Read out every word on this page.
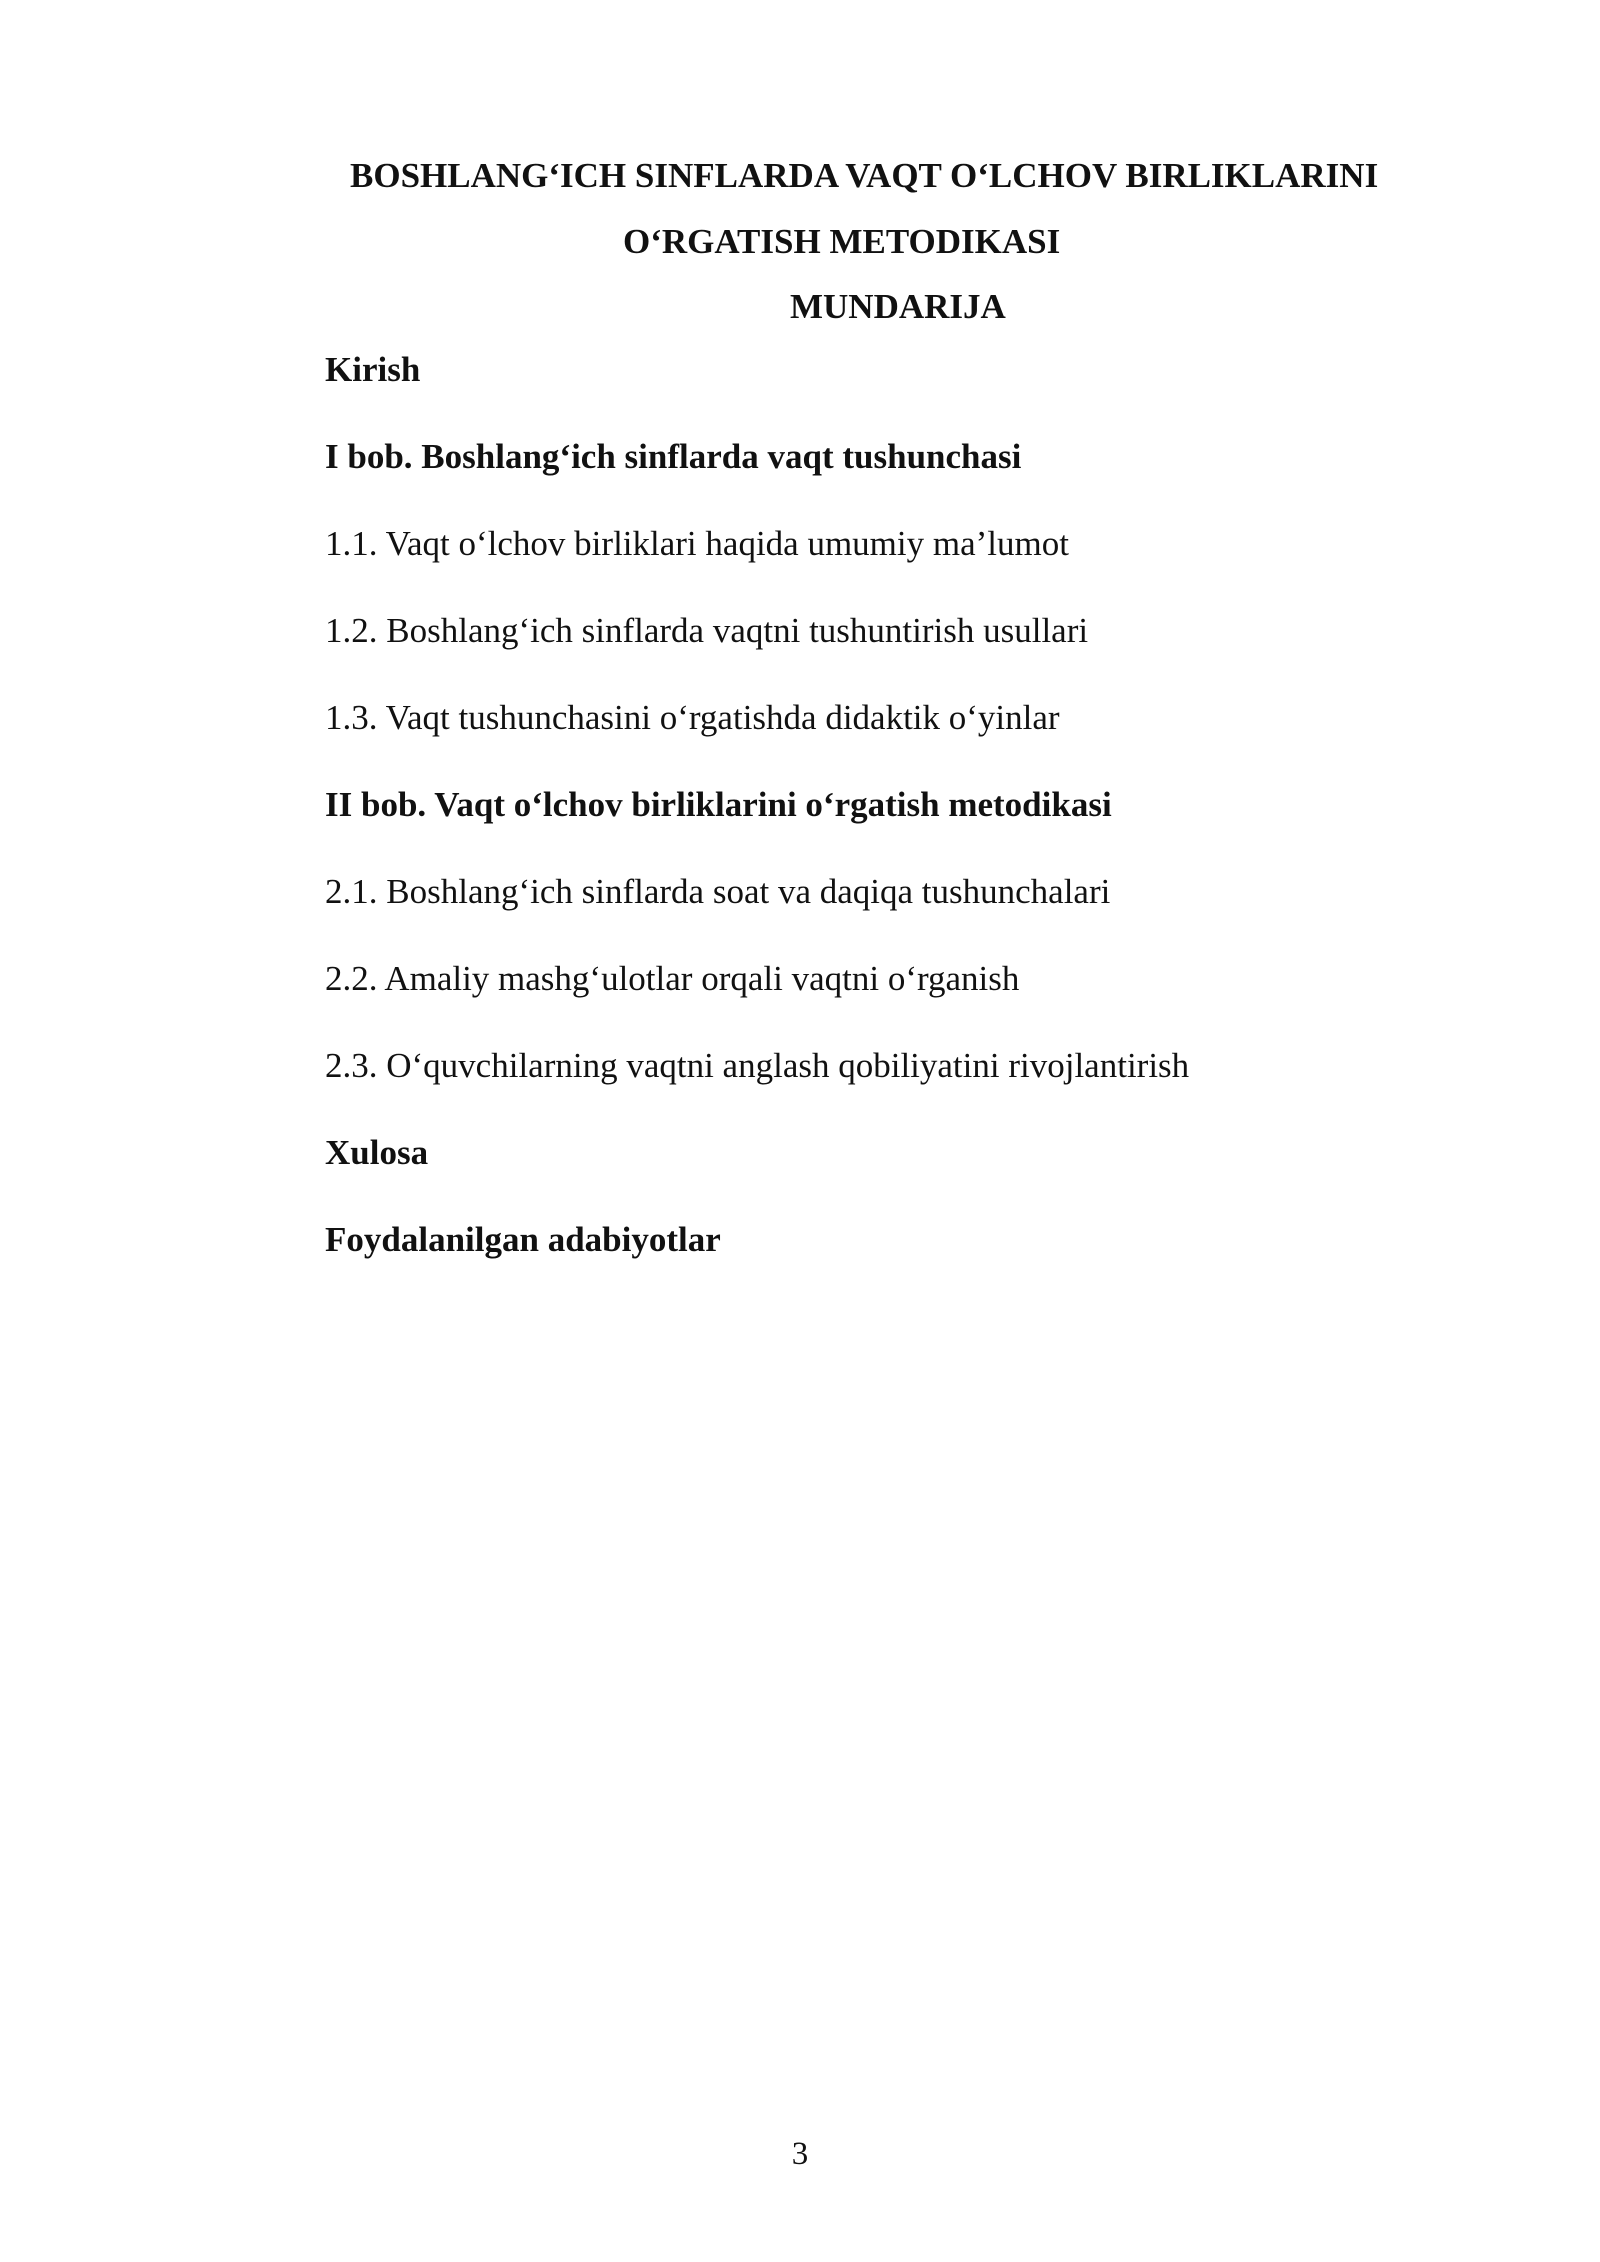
BOSHLANG‘ICH SINFLARDA VAQT O‘LCHOV BIRLIKLARINI
O‘RGATISH METODIKASI
MUNDARIJA
Kirish
I bob. Boshlang‘ich sinflarda vaqt tushunchasi
1.1. Vaqt o‘lchov birliklari haqida umumiy ma’lumot
1.2. Boshlang‘ich sinflarda vaqtni tushuntirish usullari
1.3. Vaqt tushunchasini o‘rgatishda didaktik o‘yinlar
II bob. Vaqt o‘lchov birliklarini o‘rgatish metodikasi
2.1. Boshlang‘ich sinflarda soat va daqiqa tushunchalari
2.2. Amaliy mashg‘ulotlar orqali vaqtni o‘rganish
2.3. O‘quvchilarning vaqtni anglash qobiliyatini rivojlantirish
Xulosa
Foydalanilgan adabiyotlar
3
